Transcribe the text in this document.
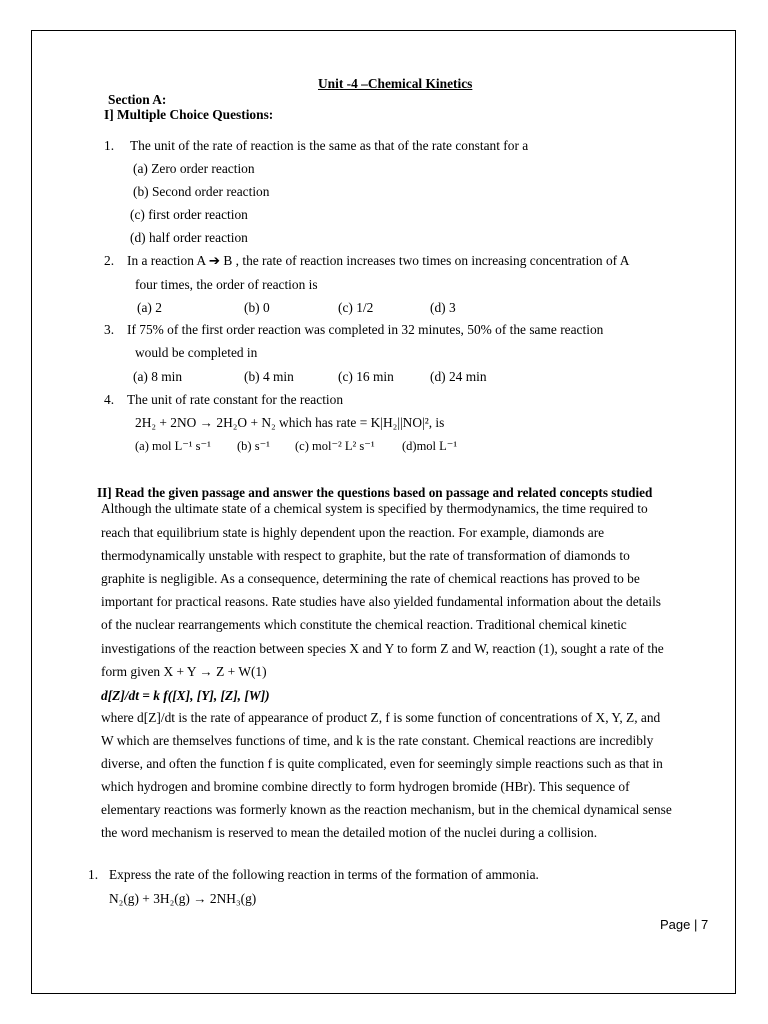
Unit -4 –Chemical Kinetics
Section A:
I] Multiple Choice Questions:
1. The unit of the rate of reaction is the same as that of the rate constant for a
(a) Zero order reaction
(b) Second order reaction
(c) first order reaction
(d) half order reaction
2. In a reaction A ➔ B , the rate of reaction increases two times on increasing concentration of A
four times, the order of reaction is
(a) 2	(b) 0	(c) 1/2	(d) 3
3. If 75% of the first order reaction was completed in 32 minutes, 50% of the same reaction
would be completed in
(a) 8 min	(b) 4 min	(c) 16 min	(d) 24 min
4. The unit of rate constant for the reaction
2H₂ + 2NO → 2H₂O + N₂ which has rate = K|H₂||NO|², is
(a) mol L⁻¹ s⁻¹ (b) s⁻¹ (c) mol⁻² L² s⁻¹ (d)mol L⁻¹
II] Read the given passage and answer the questions based on passage and related concepts studied
Although the ultimate state of a chemical system is specified by thermodynamics, the time required to
reach that equilibrium state is highly dependent upon the reaction. For example, diamonds are
thermodynamically unstable with respect to graphite, but the rate of transformation of diamonds to
graphite is negligible. As a consequence, determining the rate of chemical reactions has proved to be
important for practical reasons. Rate studies have also yielded fundamental information about the details
of the nuclear rearrangements which constitute the chemical reaction. Traditional chemical kinetic
investigations of the reaction between species X and Y to form Z and W, reaction (1), sought a rate of the
form given X + Y → Z + W(1)
d[Z]/dt = k f([X], [Y], [Z], [W])
where d[Z]/dt is the rate of appearance of product Z, f is some function of concentrations of X, Y, Z, and
W which are themselves functions of time, and k is the rate constant. Chemical reactions are incredibly
diverse, and often the function f is quite complicated, even for seemingly simple reactions such as that in
which hydrogen and bromine combine directly to form hydrogen bromide (HBr). This sequence of
elementary reactions was formerly known as the reaction mechanism, but in the chemical dynamical sense
the word mechanism is reserved to mean the detailed motion of the nuclei during a collision.
1. Express the rate of the following reaction in terms of the formation of ammonia.
N₂(g) + 3H₂(g) → 2NH₃(g)
Page | 7
